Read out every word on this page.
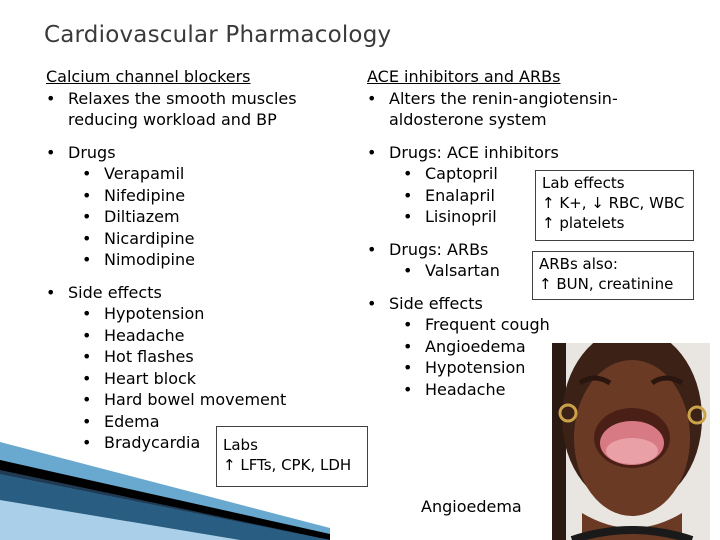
Cardiovascular Pharmacology
Calcium channel blockers
• Relaxes the smooth muscles
reducing workload and BP
• Drugs
• Verapamil
• Nifedipine
• Diltiazem
• Nicardipine
• Nimodipine
• Side effects
• Hypotension
• Headache
• Hot flashes
• Heart block
• Hard bowel movement
• Edema
• Bradycardia
ACE inhibitors and ARBs
• Alters the renin-angiotensin-
aldosterone system
• Drugs: ACE inhibitors
• Captopril
• Enalapril
• Lisinopril
• Drugs: ARBs
• Valsartan
• Side effects
• Frequent cough
• Angioedema
• Hypotension
• Headache
Lab effects
↑ K+, ↓ RBC, WBC
↑ platelets
ARBs also:
↑ BUN, creatinine
Labs
↑ LFTs, CPK, LDH
Angioedema
